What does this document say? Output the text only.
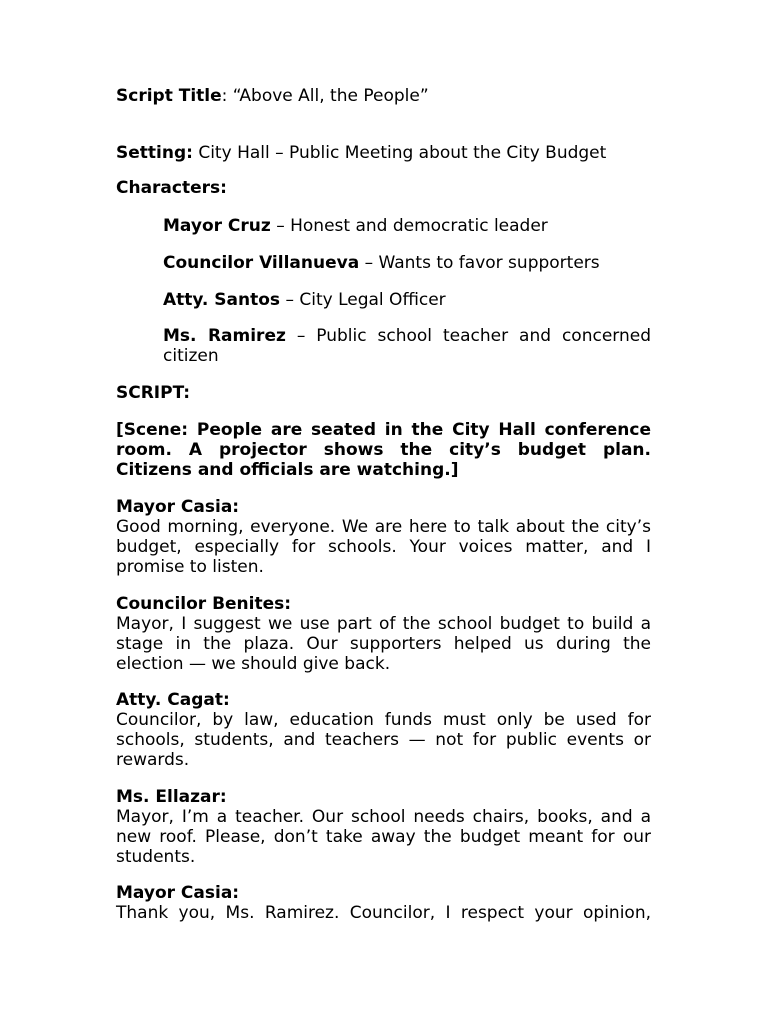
Script Title: “Above All, the People”

Setting: City Hall – Public Meeting about the City Budget

Characters:

Mayor Cruz – Honest and democratic leader

Councilor Villanueva – Wants to favor supporters

Atty. Santos – City Legal Officer

Ms. Ramirez – Public school teacher and concerned citizen

SCRIPT:

[Scene: People are seated in the City Hall conference room. A projector shows the city’s budget plan. Citizens and officials are watching.]

Mayor Casia:

Good morning, everyone. We are here to talk about the city’s budget, especially for schools. Your voices matter, and I promise to listen.

Councilor Benites:

Mayor, I suggest we use part of the school budget to build a stage in the plaza. Our supporters helped us during the election — we should give back.

Atty. Cagat:

Councilor, by law, education funds must only be used for schools, students, and teachers — not for public events or rewards.

Ms. Ellazar:

Mayor, I’m a teacher. Our school needs chairs, books, and a new roof. Please, don’t take away the budget meant for our students.

Mayor Casia:

Thank you, Ms. Ramirez. Councilor, I respect your opinion,
